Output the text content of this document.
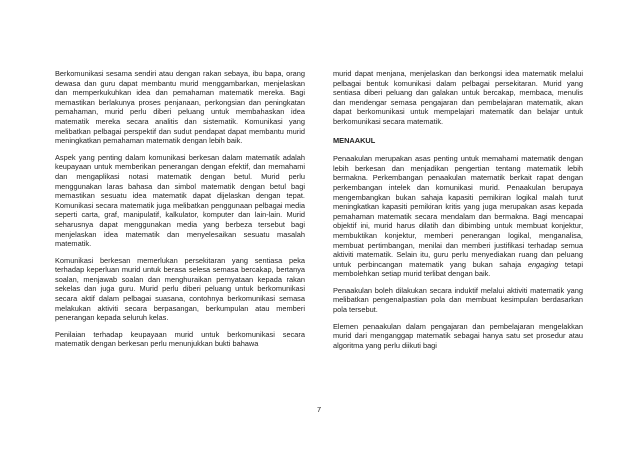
Berkomunikasi sesama sendiri atau dengan rakan sebaya, ibu bapa, orang dewasa dan guru dapat membantu murid menggambarkan, menjelaskan dan memperkukuhkan idea dan pemahaman matematik mereka. Bagi memastikan berlakunya proses penjanaan, perkongsian dan peningkatan pemahaman, murid perlu diberi peluang untuk membahaskan idea matematik mereka secara analitis dan sistematik. Komunikasi yang melibatkan pelbagai perspektif dan sudut pendapat dapat membantu murid meningkatkan pemahaman matematik dengan lebih baik.

Aspek yang penting dalam komunikasi berkesan dalam matematik adalah keupayaan untuk memberikan penerangan dengan efektif, dan memahami dan mengaplikasi notasi matematik dengan betul. Murid perlu menggunakan laras bahasa dan simbol matematik dengan betul bagi memastikan sesuatu idea matematik dapat dijelaskan dengan tepat. Komunikasi secara matematik juga melibatkan penggunaan pelbagai media seperti carta, graf, manipulatif, kalkulator, komputer dan lain-lain. Murid seharusnya dapat menggunakan media yang berbeza tersebut bagi menjelaskan idea matematik dan menyelesaikan sesuatu masalah matematik.

Komunikasi berkesan memerlukan persekitaran yang sentiasa peka terhadap keperluan murid untuk berasa selesa semasa bercakap, bertanya soalan, menjawab soalan dan menghuraikan pernyataan kepada rakan sekelas dan juga guru. Murid perlu diberi peluang untuk berkomunikasi secara aktif dalam pelbagai suasana, contohnya berkomunikasi semasa melakukan aktiviti secara berpasangan, berkumpulan atau memberi penerangan kepada seluruh kelas.

Penilaian terhadap keupayaan murid untuk berkomunikasi secara matematik dengan berkesan perlu menunjukkan bukti bahawa

murid dapat menjana, menjelaskan dan berkongsi idea matematik melalui pelbagai bentuk komunikasi dalam pelbagai persekitaran. Murid yang sentiasa diberi peluang dan galakan untuk bercakap, membaca, menulis dan mendengar semasa pengajaran dan pembelajaran matematik, akan dapat berkomunikasi untuk mempelajari matematik dan belajar untuk berkomunikasi secara matematik.

MENAAKUL

Penaakulan merupakan asas penting untuk memahami matematik dengan lebih berkesan dan menjadikan pengertian tentang matematik lebih bermakna. Perkembangan penaakulan matematik berkait rapat dengan perkembangan intelek dan komunikasi murid. Penaakulan berupaya mengembangkan bukan sahaja kapasiti pemikiran logikal malah turut meningkatkan kapasiti pemikiran kritis yang juga merupakan asas kepada pemahaman matematik secara mendalam dan bermakna. Bagi mencapai objektif ini, murid harus dilatih dan dibimbing untuk membuat konjektur, membuktikan konjektur, memberi penerangan logikal, menganalisa, membuat pertimbangan, menilai dan memberi justifikasi terhadap semua aktiviti matematik. Selain itu, guru perlu menyediakan ruang dan peluang untuk perbincangan matematik yang bukan sahaja engaging tetapi membolehkan setiap murid terlibat dengan baik.

Penaakulan boleh dilakukan secara induktif melalui aktiviti matematik yang melibatkan pengenalpastian pola dan membuat kesimpulan berdasarkan pola tersebut.

Elemen penaakulan dalam pengajaran dan pembelajaran mengelakkan murid dari menganggap matematik sebagai hanya satu set prosedur atau algoritma yang perlu diikuti bagi

7
